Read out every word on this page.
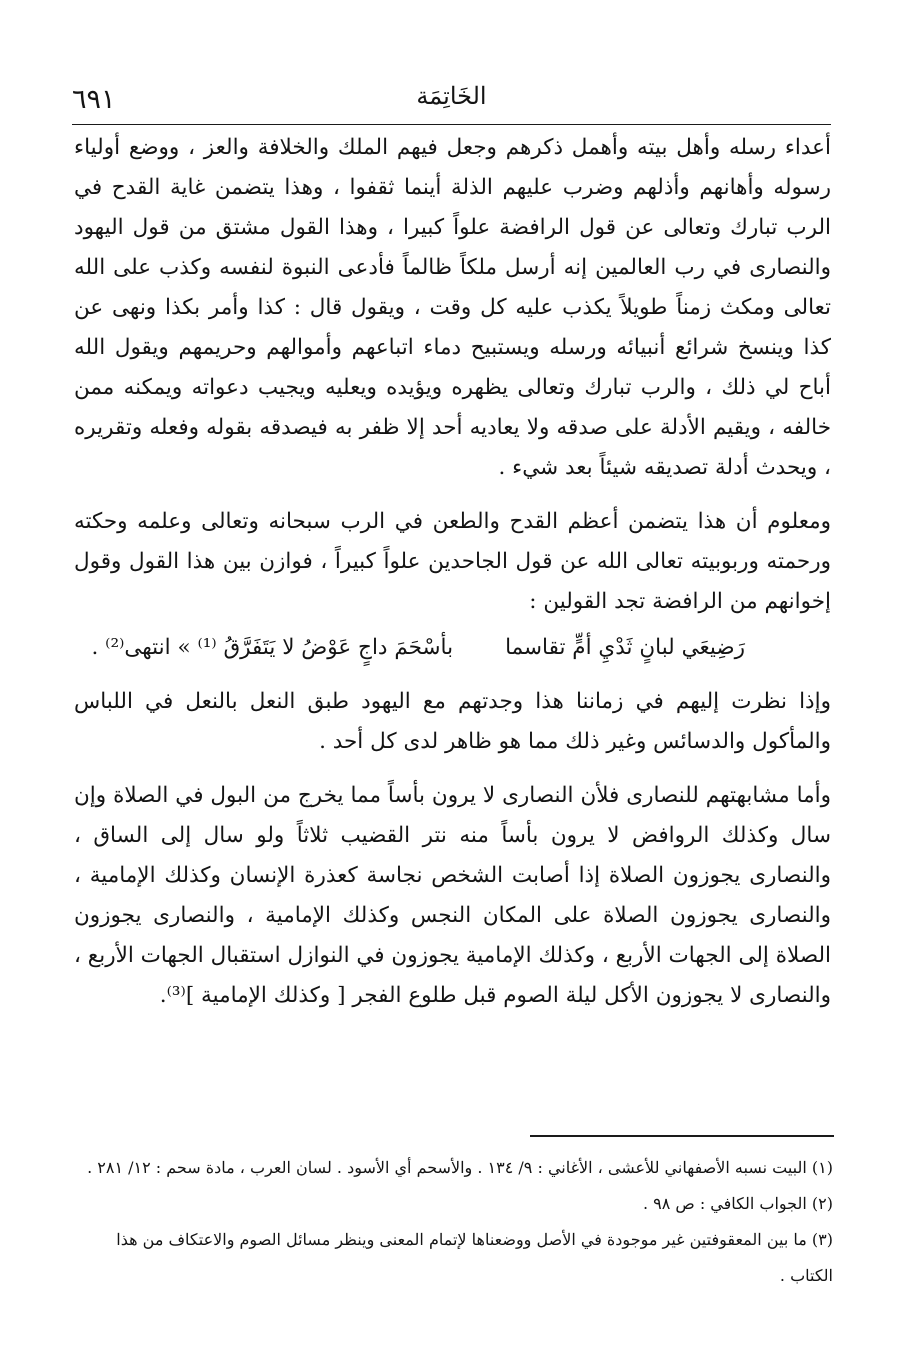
٦٩١	الخَاتِمَة

أعداء رسله وأهل بيته وأهمل ذكرهم وجعل فيهم الملك والخلافة والعز ، ووضع أولياء رسوله وأهانهم وأذلهم وضرب عليهم الذلة أينما ثقفوا ، وهذا يتضمن غاية القدح في الرب تبارك وتعالى عن قول الرافضة علواً كبيرا ، وهذا القول مشتق من قول اليهود والنصارى في رب العالمين إنه أرسل ملكاً ظالماً فأدعى النبوة لنفسه وكذب على الله تعالى ومكث زمناً طويلاً يكذب عليه كل وقت ، ويقول قال : كذا وأمر بكذا ونهى عن كذا وينسخ شرائع أنبيائه ورسله ويستبيح دماء اتباعهم وأموالهم وحريمهم ويقول الله أباح لي ذلك ، والرب تبارك وتعالى يظهره ويؤيده ويعليه ويجيب دعواته ويمكنه ممن خالفه ، ويقيم الأدلة على صدقه ولا يعاديه أحد إلا ظفر به فيصدقه بقوله وفعله وتقريره ، ويحدث أدلة تصديقه شيئاً بعد شيء .

ومعلوم أن هذا يتضمن أعظم القدح والطعن في الرب سبحانه وتعالى وعلمه وحكته ورحمته وربوبيته تعالى الله عن قول الجاحدين علواً كبيراً ، فوازن بين هذا القول وقول إخوانهم من الرافضة تجد القولين :

رَضِيعَي لبانٍ ثَدْيِ أمٍّ تقاسما
بأسْحَمَ داجٍ عَوْضُ لا يَتَفَرَّقُ ⁽¹⁾ » انتهى⁽²⁾ .

وإذا نظرت إليهم في زماننا هذا وجدتهم مع اليهود طبق النعل بالنعل في اللباس والمأكول والدسائس وغير ذلك مما هو ظاهر لدى كل أحد .

وأما مشابهتهم للنصارى فلأن النصارى لا يرون بأساً مما يخرج من البول في الصلاة وإن سال وكذلك الروافض لا يرون بأساً منه نتر القضيب ثلاثاً ولو سال إلى الساق ، والنصارى يجوزون الصلاة إذا أصابت الشخص نجاسة كعذرة الإنسان وكذلك الإمامية ، والنصارى يجوزون الصلاة على المكان النجس وكذلك الإمامية ، والنصارى يجوزون الصلاة إلى الجهات الأربع ، وكذلك الإمامية يجوزون في النوازل استقبال الجهات الأربع ، والنصارى لا يجوزون الأكل ليلة الصوم قبل طلوع الفجر [ وكذلك الإمامية ]⁽³⁾.

(١) البيت نسبه الأصفهاني للأعشى ، الأغاني : ٩/ ١٣٤ . والأسحم أي الأسود . لسان العرب ، مادة سحم : ١٢/ ٢٨١ .

(٢) الجواب الكافي : ص ٩٨ .

(٣) ما بين المعقوفتين غير موجودة في الأصل ووضعناها لإتمام المعنى وينظر مسائل الصوم والاعتكاف من هذا الكتاب .
